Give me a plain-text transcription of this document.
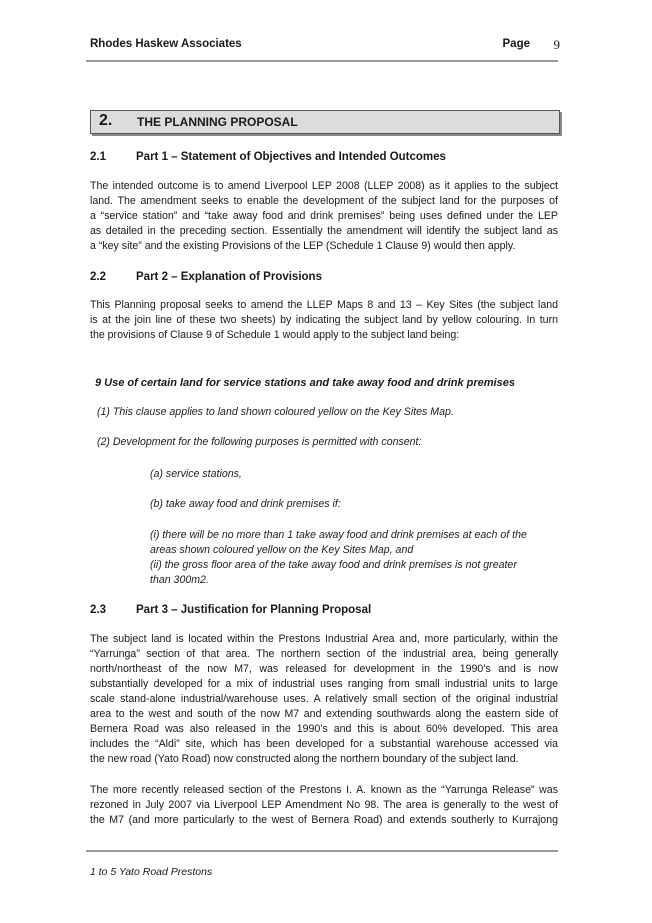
Rhodes Haskew Associates	Page 9
2. THE PLANNING PROPOSAL
2.1	Part 1 – Statement of Objectives and Intended Outcomes
The intended outcome is to amend Liverpool LEP 2008 (LLEP 2008) as it applies to the subject
land. The amendment seeks to enable the development of the subject land for the purposes of
a “service station” and “take away food and drink premises” being uses defined under the LEP
as detailed in the preceding section. Essentially the amendment will identify the subject land as
a “key site” and the existing Provisions of the LEP (Schedule 1 Clause 9) would then apply.
2.2	Part 2 – Explanation of Provisions
This Planning proposal seeks to amend the LLEP Maps 8 and 13 – Key Sites (the subject land
is at the join line of these two sheets) by indicating the subject land by yellow colouring. In turn
the provisions of Clause 9 of Schedule 1 would apply to the subject land being:
9 Use of certain land for service stations and take away food and drink premises
(1) This clause applies to land shown coloured yellow on the Key Sites Map.
(2) Development for the following purposes is permitted with consent:
(a) service stations,
(b) take away food and drink premises if:
(i) there will be no more than 1 take away food and drink premises at each of the
areas shown coloured yellow on the Key Sites Map, and
(ii) the gross floor area of the take away food and drink premises is not greater
than 300m2.
2.3	Part 3 – Justification for Planning Proposal
The subject land is located within the Prestons Industrial Area and, more particularly, within the
“Yarrunga” section of that area. The northern section of the industrial area, being generally
north/northeast of the now M7, was released for development in the 1990’s and is now
substantially developed for a mix of industrial uses ranging from small industrial units to large
scale stand-alone industrial/warehouse uses. A relatively small section of the original industrial
area to the west and south of the now M7 and extending southwards along the eastern side of
Bernera Road was also released in the 1990’s and this is about 60% developed. This area
includes the “Aldi” site, which has been developed for a substantial warehouse accessed via
the new road (Yato Road) now constructed along the northern boundary of the subject land.
The more recently released section of the Prestons I. A. known as the “Yarrunga Release” was
rezoned in July 2007 via Liverpool LEP Amendment No 98. The area is generally to the west of
the M7 (and more particularly to the west of Bernera Road) and extends southerly to Kurrajong
1 to 5 Yato Road Prestons
